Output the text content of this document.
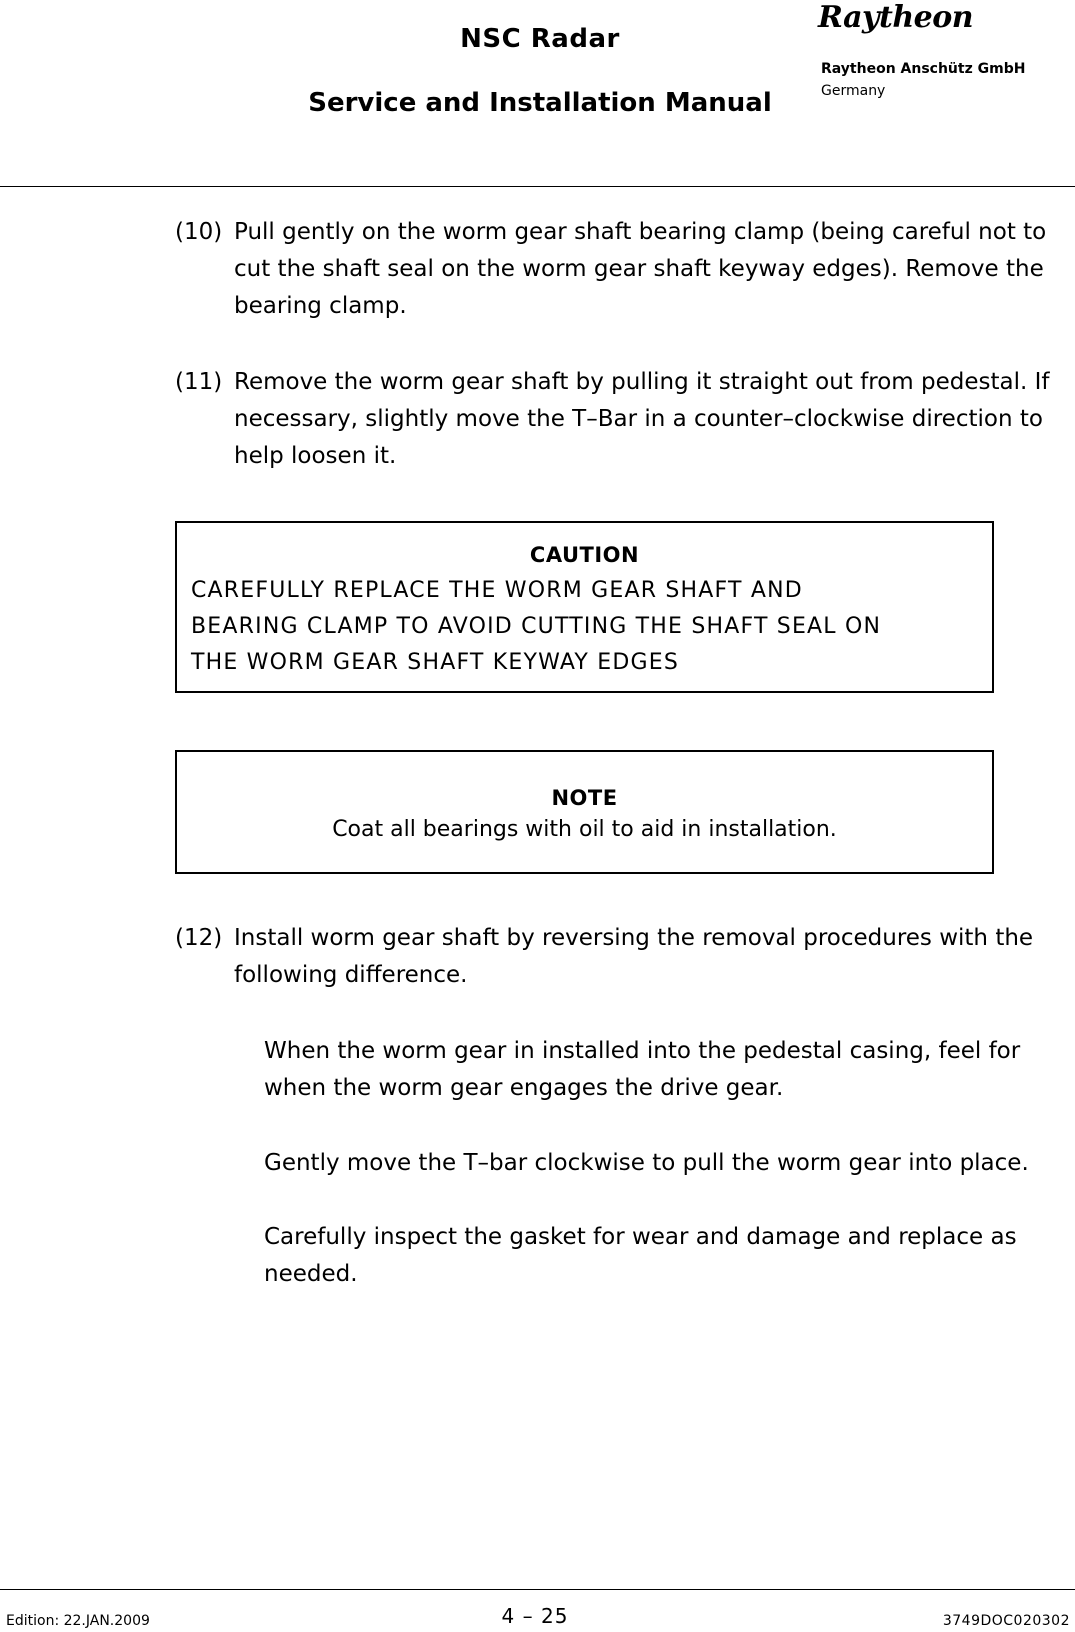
NSC Radar
Service and Installation Manual
Raytheon
Raytheon Anschütz GmbH
Germany
(10) Pull gently on the worm gear shaft bearing clamp (being careful not to cut the shaft seal on the worm gear shaft keyway edges). Remove the bearing clamp.
(11) Remove the worm gear shaft by pulling it straight out from pedestal. If necessary, slightly move the T–Bar in a counter–clockwise direction to help loosen it.
CAUTION
CAREFULLY REPLACE THE WORM GEAR SHAFT AND
BEARING CLAMP TO AVOID CUTTING THE SHAFT SEAL ON
THE WORM GEAR SHAFT KEYWAY EDGES
NOTE
Coat all bearings with oil to aid in installation.
(12) Install worm gear shaft by reversing the removal procedures with the following difference.
When the worm gear in installed into the pedestal casing, feel for when the worm gear engages the drive gear.
Gently move the T–bar clockwise to pull the worm gear into place.
Carefully inspect the gasket for wear and damage and replace as needed.
Edition: 22.JAN.2009	4 – 25	3749DOC020302
